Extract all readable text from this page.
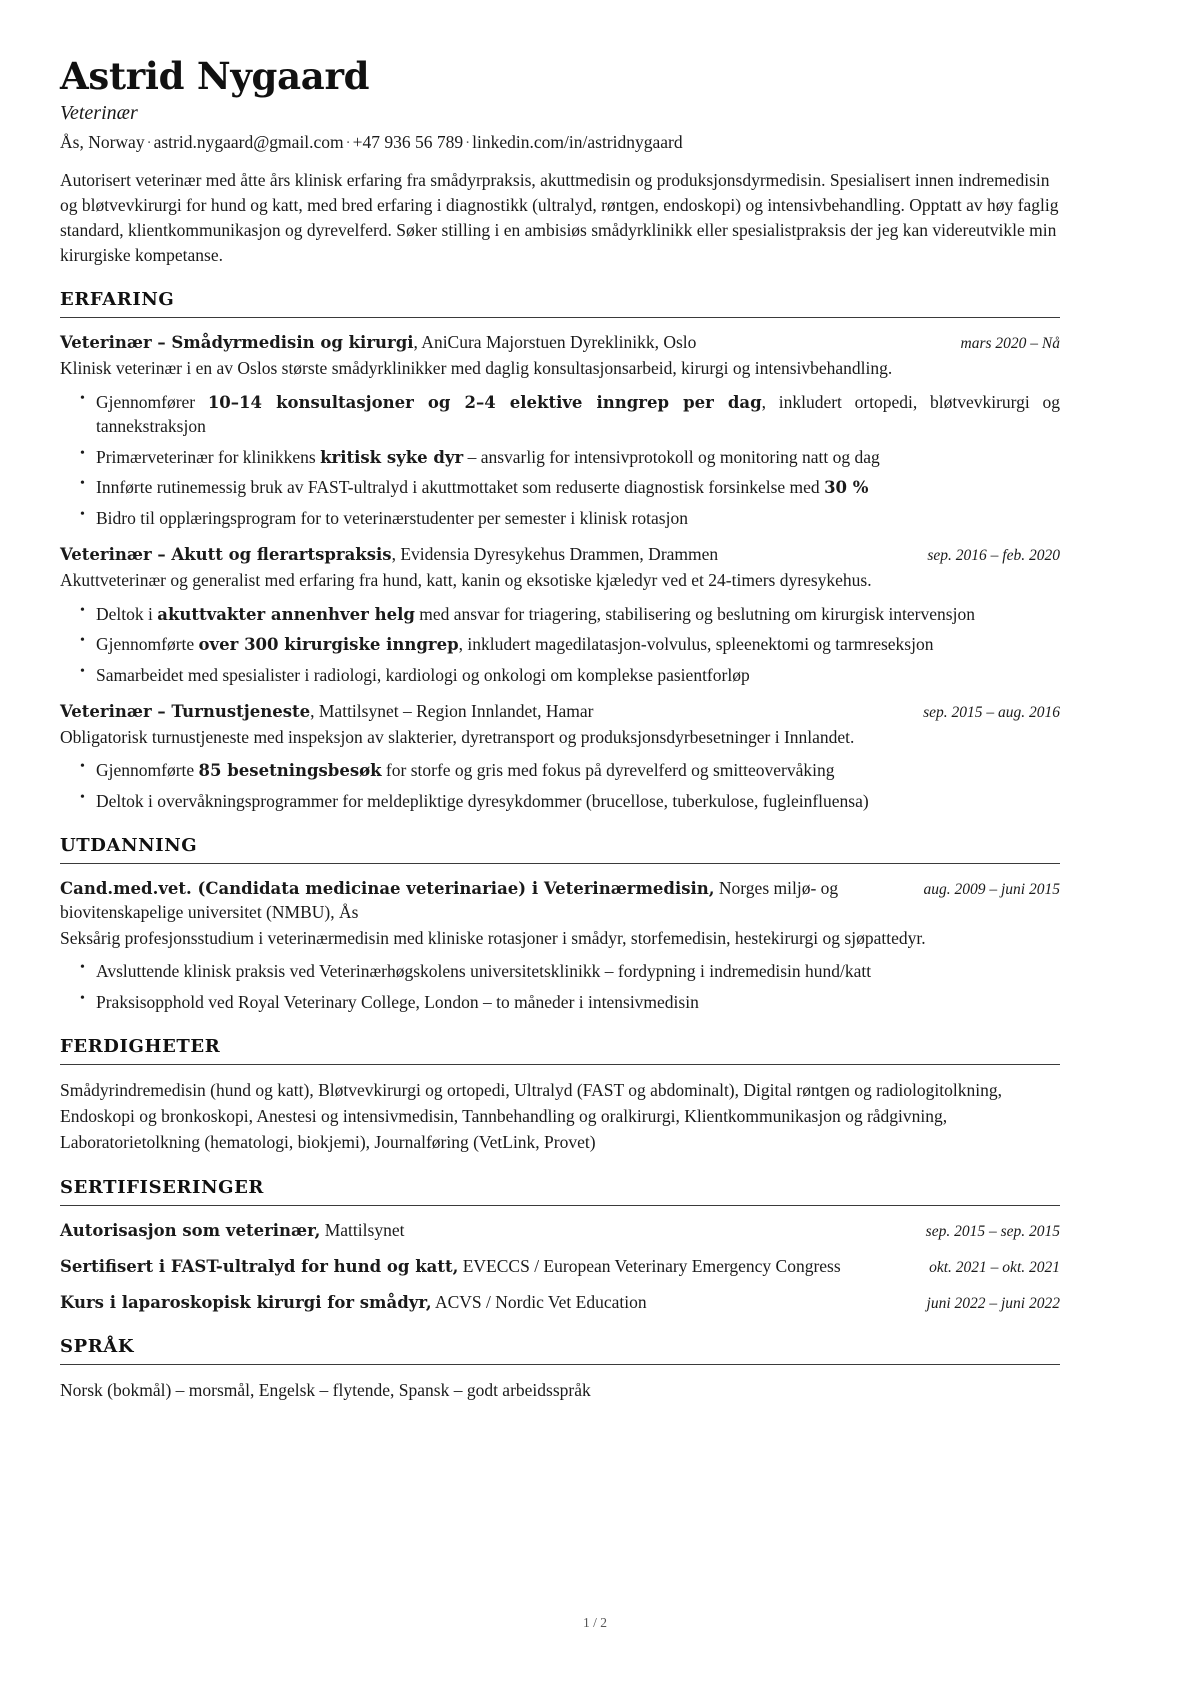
Astrid Nygaard
Veterinær
Ås, Norway · astrid.nygaard@gmail.com · +47 936 56 789 · linkedin.com/in/astridnygaard

Autorisert veterinær med åtte års klinisk erfaring fra smådyrpraksis, akuttmedisin og produksjonsdyrmedisin. Spesialisert innen indremedisin og bløtvevkirurgi for hund og katt, med bred erfaring i diagnostikk (ultralyd, røntgen, endoskopi) og intensivbehandling. Opptatt av høy faglig standard, klientkommunikasjon og dyrevelferd. Søker stilling i en ambisiøs smådyrklinikk eller spesialistpraksis der jeg kan videreutvikle min kirurgiske kompetanse.

ERFARING
Veterinær – Smådyrmedisin og kirurgi, AniCura Majorstuen Dyreklinikk, Oslo	mars 2020 – Nå
Klinisk veterinær i en av Oslos største smådyrklinikker med daglig konsultasjonsarbeid, kirurgi og intensivbehandling.
• Gjennomfører 10–14 konsultasjoner og 2–4 elektive inngrep per dag, inkludert ortopedi, bløtvevkirurgi og tannekstraksjon
• Primærveterinær for klinikkens kritisk syke dyr – ansvarlig for intensivprotokoll og monitoring natt og dag
• Innførte rutinemessig bruk av FAST-ultralyd i akuttmottaket som reduserte diagnostisk forsinkelse med 30 %
• Bidro til opplæringsprogram for to veterinærstudenter per semester i klinisk rotasjon
Veterinær – Akutt og flerartspraksis, Evidensia Dyresykehus Drammen, Drammen	sep. 2016 – feb. 2020
Akuttveterinær og generalist med erfaring fra hund, katt, kanin og eksotiske kjæledyr ved et 24-timers dyresykehus.
• Deltok i akuttvakter annenhver helg med ansvar for triagering, stabilisering og beslutning om kirurgisk intervensjon
• Gjennomførte over 300 kirurgiske inngrep, inkludert magedilatasjon-volvulus, spleenektomi og tarmreseksjon
• Samarbeidet med spesialister i radiologi, kardiologi og onkologi om komplekse pasientforløp
Veterinær – Turnustjeneste, Mattilsynet – Region Innlandet, Hamar	sep. 2015 – aug. 2016
Obligatorisk turnustjeneste med inspeksjon av slakterier, dyretransport og produksjonsdyrbesetninger i Innlandet.
• Gjennomførte 85 besetningsbesøk for storfe og gris med fokus på dyrevelferd og smitteovervåking
• Deltok i overvåkningsprogrammer for meldepliktige dyresykdommer (brucellose, tuberkulose, fugleinfluensa)
UTDANNING
Cand.med.vet. (Candidata medicinae veterinariae) i Veterinærmedisin, Norges miljø- og biovitenskapelige universitet (NMBU), Ås
aug. 2009 – juni 2015
Seksårig profesjonsstudium i veterinærmedisin med kliniske rotasjoner i smådyr, storfemedisin, hestekirurgi og sjøpattedyr.
• Avsluttende klinisk praksis ved Veterinærhøgskolens universitetsklinikk – fordypning i indremedisin hund/katt
• Praksisopphold ved Royal Veterinary College, London – to måneder i intensivmedisin
FERDIGHETER
Smådyrindremedisin (hund og katt), Bløtvevkirurgi og ortopedi, Ultralyd (FAST og abdominalt), Digital røntgen og radiologitolkning, Endoskopi og bronkoskopi, Anestesi og intensivmedisin, Tannbehandling og oralkirurgi, Klientkommunikasjon og rådgivning, Laboratorietolkning (hematologi, biokjemi), Journalføring (VetLink, Provet)
SERTIFISERINGER
Autorisasjon som veterinær, Mattilsynet	sep. 2015 – sep. 2015
Sertifisert i FAST-ultralyd for hund og katt, EVECCS / European Veterinary Emergency Congress	okt. 2021 – okt. 2021
Kurs i laparoskopisk kirurgi for smådyr, ACVS / Nordic Vet Education	juni 2022 – juni 2022
SPRÅK
Norsk (bokmål) – morsmål, Engelsk – flytende, Spansk – godt arbeidsspråk
1 / 2
